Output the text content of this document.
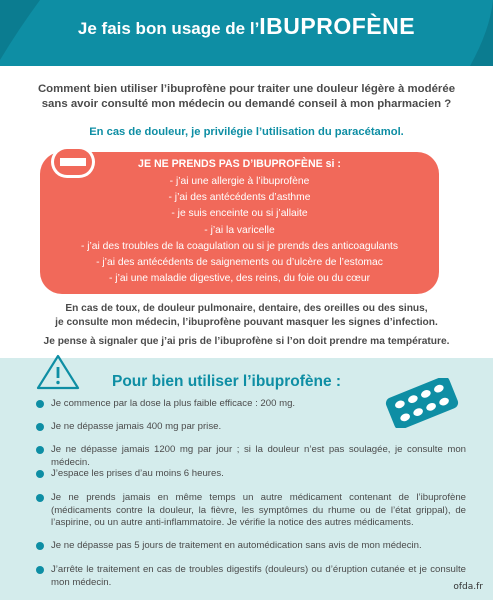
Je fais bon usage de l’IBUPROFÈNE
Comment bien utiliser l’ibuprofène pour traiter une douleur légère à modérée
sans avoir consulté mon médecin ou demandé conseil à mon pharmacien ?
En cas de douleur, je privilégie l’utilisation du paracétamol.
JE NE PRENDS PAS D’IBUPROFÈNE si :
- j’ai une allergie à l’ibuprofène
- j’ai des antécédents d’asthme
- je suis enceinte ou si j’allaite
- j’ai la varicelle
- j’ai des troubles de la coagulation ou si je prends des anticoagulants
- j’ai des antécédents de saignements ou d’ulcère de l’estomac
- j’ai une maladie digestive, des reins, du foie ou du cœur
En cas de toux, de douleur pulmonaire, dentaire, des oreilles ou des sinus,
je consulte mon médecin, l’ibuprofène pouvant masquer les signes d’infection.
Je pense à signaler que j’ai pris de l’ibuprofène si l’on doit prendre ma température.
Pour bien utiliser l’ibuprofène :
Je commence par la dose la plus faible efficace : 200 mg.
Je ne dépasse jamais 400 mg par prise.
Je ne dépasse jamais 1200 mg par jour ; si la douleur n’est pas soulagée, je consulte mon médecin.
J’espace les prises d’au moins 6 heures.
Je ne prends jamais en même temps un autre médicament contenant de l’ibuprofène (médicaments contre la douleur, la fièvre, les symptômes du rhume ou de l’état grippal), de l’aspirine, ou un autre anti-inflammatoire. Je vérifie la notice des autres médicaments.
Je ne dépasse pas 5 jours de traitement en automédication sans avis de mon médecin.
J’arrête le traitement en cas de troubles digestifs (douleurs) ou d’éruption cutanée et je consulte mon médecin.	ofda.fr
